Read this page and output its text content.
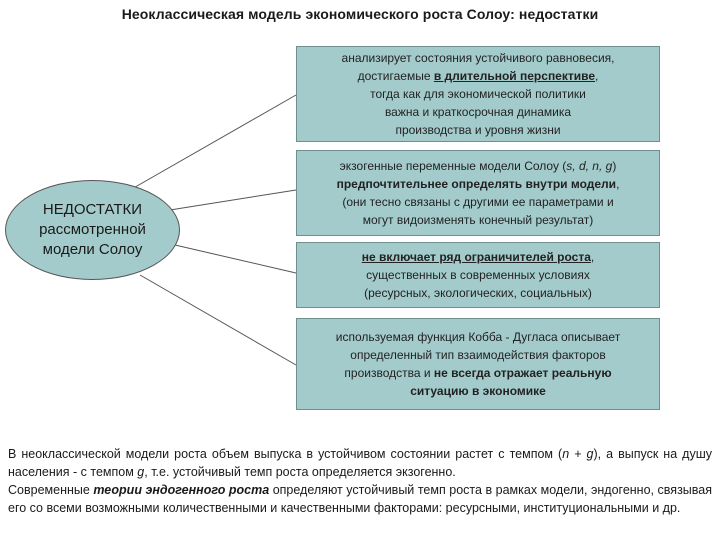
Неоклассическая модель экономического роста Солоу: недостатки
НЕДОСТАТКИ
рассмотренной
модели Солоу
анализирует состояния устойчивого равновесия,
достигаемые в длительной перспективе,
тогда как для экономической политики
важна и краткосрочная динамика
производства и уровня жизни
экзогенные переменные модели Солоу (s, d, n, g)
предпочтительнее определять внутри модели,
(они тесно связаны с другими ее параметрами и
могут видоизменять конечный результат)
не включает ряд ограничителей роста,
существенных в современных условиях
(ресурсных, экологических, социальных)
используемая функция Кобба - Дугласа описывает
определенный тип взаимодействия факторов
производства и не всегда отражает реальную
ситуацию в экономике

В неоклассической модели роста объем выпуска в устойчивом состоянии растет с темпом (n + g), а выпуск на душу населения - с темпом g, т.е. устойчивый темп роста определяется экзогенно.

Современные теории эндогенного роста определяют устойчивый темп роста в рамках модели, эндогенно, связывая его со всеми возможными количественными и качественными факторами: ресурсными, институциональными и др.
